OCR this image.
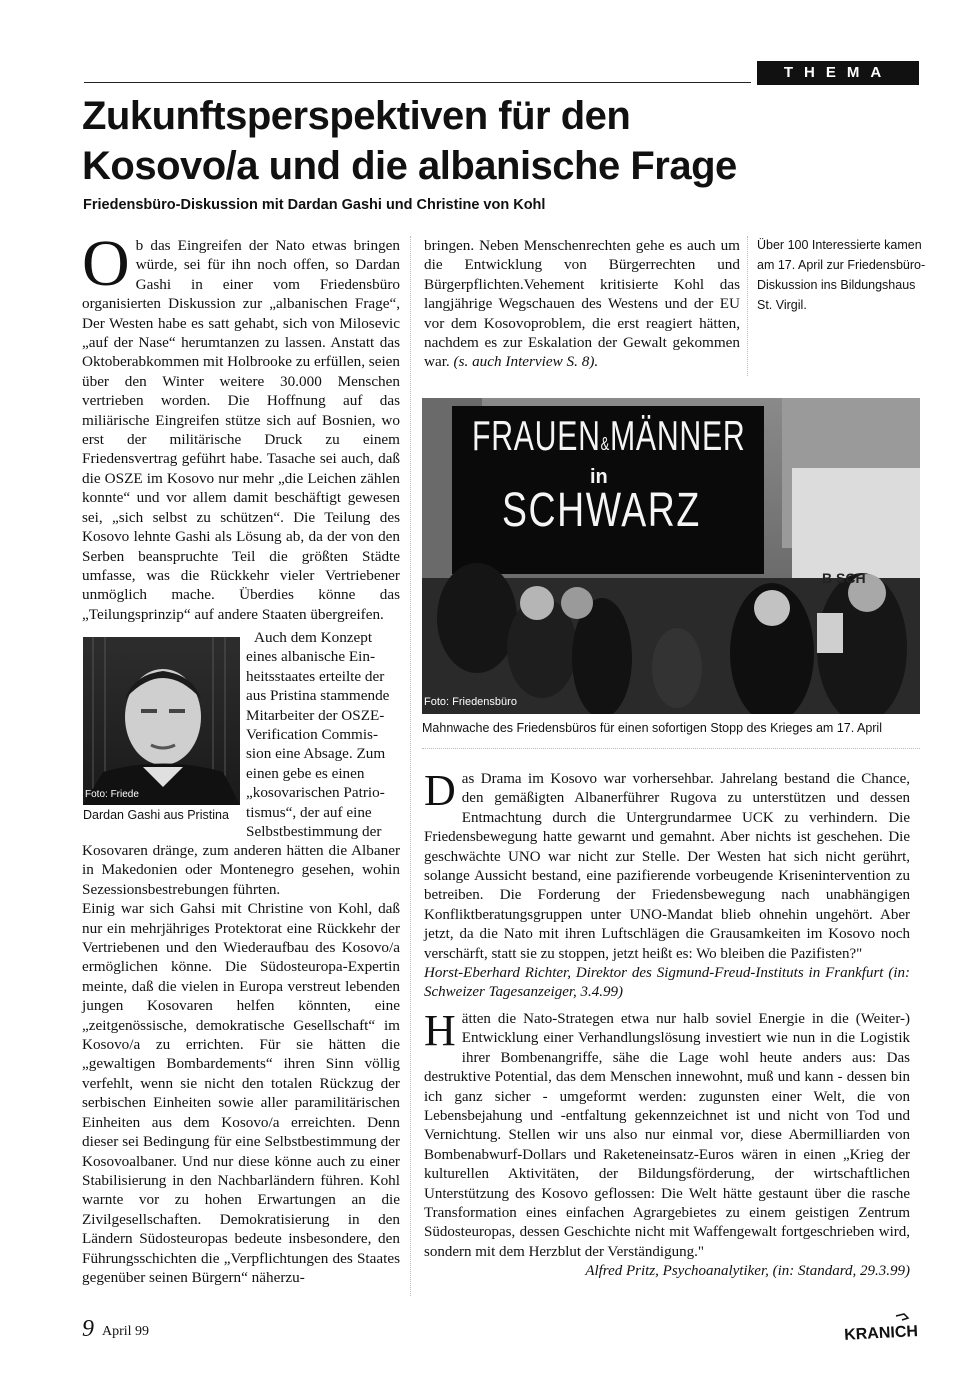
THEMA
Zukunftsperspektiven für den
Kosovo/a und die albanische Frage
Friedensbüro-Diskussion mit Dardan Gashi und Christine von Kohl

Ob das Eingreifen der Nato etwas bringen würde, sei für ihn noch offen, so Dardan Gashi in einer vom Friedensbüro organisierten Diskussion zur „albanischen Frage“, Der Westen habe es satt gehabt, sich von Milosevic „auf der Nase“ herumtanzen zu lassen. Anstatt das Oktoberabkommen mit Holbrooke zu erfüllen, seien über den Winter weitere 30.000 Menschen vertrieben worden. Die Hoffnung auf das miliärische Eingreifen stütze sich auf Bosnien, wo erst der militärische Druck zu einem Friedensvertrag geführt habe. Tasache sei auch, daß die OSZE im Kosovo nur mehr „die Leichen zählen konnte“ und vor allem damit beschäftigt gewesen sei, „sich selbst zu schützen“. Die Teilung des Kosovo lehnte Gashi als Lösung ab, da der von den Serben beanspruchte Teil die größten Städte umfasse, was die Rückkehr vieler Vertriebener unmöglich mache. Überdies könne das „Teilungsprinzip“ auf andere Staaten übergreifen.

Foto: Friede
Dardan Gashi aus Pristina
Auch dem Konzept
eines albanische Ein-
heitsstaates erteilte der
aus Pristina stammende
Mitarbeiter der OSZE-
Verification Commis-
sion eine Absage. Zum
einen gebe es einen
„kosovarischen Patrio-
tismus“, der auf eine
Selbstbestimmung der

Kosovaren dränge, zum anderen hätten die Albaner in Makedonien oder Montenegro gesehen, wohin Sezessionsbestrebungen führten.

Einig war sich Gahsi mit Christine von Kohl, daß nur ein mehrjähriges Protektorat eine Rückkehr der Vertriebenen und den Wiederaufbau des Kosovo/a ermöglichen könne. Die Südosteuropa-Expertin meinte, daß die vielen in Europa verstreut lebenden jungen Kosovaren helfen könnten, eine „zeitgenössische, demokratische Gesellschaft“ im Kosovo/a zu errichten. Für sie hätten die „gewaltigen Bombardements“ ihren Sinn völlig verfehlt, wenn sie nicht den totalen Rückzug der serbischen Einheiten sowie aller paramilitärischen Einheiten aus dem Kosovo/a erreichten. Denn dieser sei Bedingung für eine Selbstbestimmung der Kosovoalbaner. Und nur diese könne auch zu einer Stabilisierung in den Nachbarländern führen. Kohl warnte vor zu hohen Erwartungen an die Zivilgesellschaften. Demokratisierung in den Ländern Südosteuropas bedeute insbesondere, den Führungsschichten die „Verpflichtungen des Staates gegenüber seinen Bürgern“ näherzu-

bringen. Neben Menschenrechten gehe es auch um die Entwicklung von Bürgerrechten und Bürgerpflichten.Vehement kritisierte Kohl das langjährige Wegschauen des Westens und der EU vor dem Kosovoproblem, die erst reagiert hätten, nachdem es zur Eskalation der Gewalt gekommen war. (s. auch Interview S. 8).

Über 100 Interessierte kamen am 17. April zur Friedensbüro-Diskussion ins Bildungshaus St. Virgil.
FRAUEN&MÄNNER
in
SCHWARZ
B SCH
Foto: Friedensbüro
Mahnwache des Friedensbüros für einen sofortigen Stopp des Krieges am 17. April

Das Drama im Kosovo war vorhersehbar. Jahrelang bestand die Chance, den gemäßigten Albanerführer Rugova zu unterstützen und dessen Entmachtung durch die Untergrundarmee UCK zu verhindern. Die Friedensbewegung hatte gewarnt und gemahnt. Aber nichts ist geschehen. Die geschwächte UNO war nicht zur Stelle. Der Westen hat sich nicht gerührt, solange Aussicht bestand, eine pazifierende vorbeugende Krisenintervention zu betreiben. Die Forderung der Friedensbewegung nach unabhängigen Konfliktberatungsgruppen unter UNO-Mandat blieb ohnehin ungehört. Aber jetzt, da die Nato mit ihren Luftschlägen die Grausamkeiten im Kosovo noch verschärft, statt sie zu stoppen, jetzt heißt es: Wo bleiben die Pazifisten?"

Horst-Eberhard Richter, Direktor des Sigmund-Freud-Instituts in Frankfurt (in: Schweizer Tagesanzeiger, 3.4.99)

Hätten die Nato-Strategen etwa nur halb soviel Energie in die (Weiter-) Entwicklung einer Verhandlungslösung investiert wie nun in die Logistik ihrer Bombenangriffe, sähe die Lage wohl heute anders aus: Das destruktive Potential, das dem Menschen innewohnt, muß und kann - dessen bin ich ganz sicher - umgeformt werden: zugunsten einer Welt, die von Lebensbejahung und -entfaltung gekennzeichnet ist und nicht von Tod und Vernichtung. Stellen wir uns also nur einmal vor, diese Abermilliarden von Bombenabwurf-Dollars und Raketeneinsatz-Euros wären in einen „Krieg der kulturellen Aktivitäten, der Bildungsförderung, der wirtschaftlichen Unterstützung des Kosovo geflossen: Die Welt hätte gestaunt über die rasche Transformation eines einfachen Agrargebietes zu einem geistigen Zentrum Südosteuropas, dessen Geschichte nicht mit Waffengewalt fortgeschrieben wird, sondern mit dem Herzblut der Verständigung."

Alfred Pritz, Psychoanalytiker, (in: Standard, 29.3.99)

9 April 99	KRANICH
